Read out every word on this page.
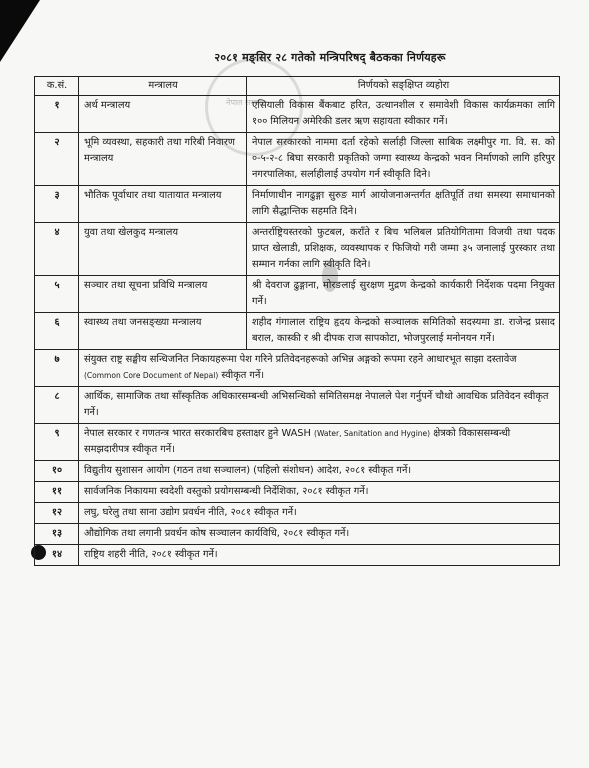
नेपाल सरकार
२०८१ मङ्सिर २८ गतेको मन्त्रिपरिषद् बैठकका निर्णयहरू
क.सं.	मन्त्रालय	निर्णयको सङ्क्षिप्त व्यहोरा
१	अर्थ मन्त्रालय	एसियाली विकास बैंकबाट हरित, उत्थानशील र समावेशी विकास कार्यक्रमका लागि १०० मिलियन अमेरिकी डलर ऋण सहायता स्वीकार गर्ने।
२	भूमि व्यवस्था, सहकारी तथा गरिबी निवारण मन्त्रालय	नेपाल सरकारको नाममा दर्ता रहेको सर्लाही जिल्ला साबिक लक्ष्मीपुर गा. वि. स. को ०-५-२-८ बिघा सरकारी प्रकृतिको जग्गा स्वास्थ्य केन्द्रको भवन निर्माणको लागि हरिपुर नगरपालिका, सर्लाहीलाई उपयोग गर्न स्वीकृति दिने।
३	भौतिक पूर्वाधार तथा यातायात मन्त्रालय	निर्माणाधीन नागढुङ्गा सुरुङ मार्ग आयोजनाअन्तर्गत क्षतिपूर्ति तथा समस्या समाधानको लागि सैद्धान्तिक सहमति दिने।
४	युवा तथा खेलकुद मन्त्रालय	अन्तर्राष्ट्रियस्तरको फुटबल, कराँते र बिच भलिबल प्रतियोगितामा विजयी तथा पदक प्राप्त खेलाडी, प्रशिक्षक, व्यवस्थापक र फिजियो गरी जम्मा ३५ जनालाई पुरस्कार तथा सम्मान गर्नका लागि स्वीकृति दिने।
५	सञ्चार तथा सूचना प्रविधि मन्त्रालय	श्री देवराज ढुङ्गाना, मोरङलाई सुरक्षण मुद्रण केन्द्रको कार्यकारी निर्देशक पदमा नियुक्त गर्ने।
६	स्वास्थ्य तथा जनसङ्ख्या मन्त्रालय	शहीद गंगालाल राष्ट्रिय हृदय केन्द्रको सञ्चालक समितिको सदस्यमा डा. राजेन्द्र प्रसाद बराल, कास्की र श्री दीपक राज सापकोटा, भोजपुरलाई मनोनयन गर्ने।
७	संयुक्त राष्ट्र सङ्घीय सन्धिजनित निकायहरूमा पेश गरिने प्रतिवेदनहरूको अभिन्न अङ्गको रूपमा रहने आधारभूत साझा दस्तावेज (Common Core Document of Nepal) स्वीकृत गर्ने।	
८	आर्थिक, सामाजिक तथा साँस्कृतिक अधिकारसम्बन्धी अभिसन्धिको समितिसमक्ष नेपालले पेश गर्नुपर्ने चौथो आवधिक प्रतिवेदन स्वीकृत गर्ने।	
९	नेपाल सरकार र गणतन्त्र भारत सरकारबिच हस्ताक्षर हुने WASH (Water, Sanitation and Hygine) क्षेत्रको विकाससम्बन्धी समझदारीपत्र स्वीकृत गर्ने।	
१०	विद्युतीय सुशासन आयोग (गठन तथा सञ्चालन) (पहिलो संशोधन) आदेश, २०८१ स्वीकृत गर्ने।	
११	सार्वजनिक निकायमा स्वदेशी वस्तुको प्रयोगसम्बन्धी निर्देशिका, २०८१ स्वीकृत गर्ने।	
१२	लघु, घरेलु तथा साना उद्योग प्रवर्धन नीति, २०८१ स्वीकृत गर्ने।	
१३	औद्योगिक तथा लगानी प्रवर्धन कोष सञ्चालन कार्यविधि, २०८१ स्वीकृत गर्ने।	
१४	राष्ट्रिय शहरी नीति, २०८१ स्वीकृत गर्ने।	
